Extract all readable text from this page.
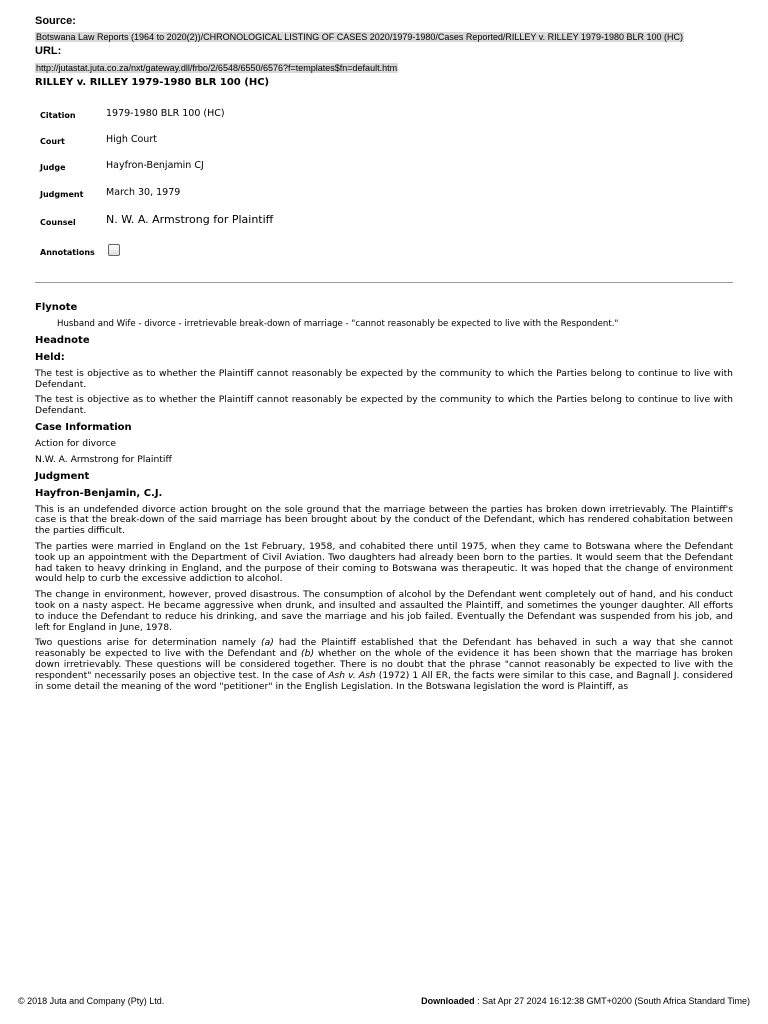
Source:
Botswana Law Reports (1964 to 2020(2))/CHRONOLOGICAL LISTING OF CASES 2020/1979-1980/Cases Reported/RILLEY v. RILLEY 1979-1980 BLR 100 (HC)
URL:
http://jutastat.juta.co.za/nxt/gateway.dll/frbo/2/6548/6550/6576?f=templates$fn=default.htm
RILLEY v. RILLEY 1979-1980 BLR 100 (HC)
Citation	1979-1980 BLR 100 (HC)
Court	High Court
Judge	Hayfron-Benjamin CJ
Judgment March 30, 1979
Counsel	N. W. A. Armstrong for Plaintiff
Annotations
Flynote

Husband and Wife - divorce - irretrievable break-down of marriage - "cannot reasonably be expected to live with the Respondent."

Headnote
Held:

The test is objective as to whether the Plaintiff cannot reasonably be expected by the community to which the Parties belong to continue to live with Defendant.

The test is objective as to whether the Plaintiff cannot reasonably be expected by the community to which the Parties belong to continue to live with Defendant.

Case Information

Action for divorce

N.W. A. Armstrong for Plaintiff

Judgment
Hayfron-Benjamin, C.J.

This is an undefended divorce action brought on the sole ground that the marriage between the parties has broken down irretrievably. The Plaintiff's case is that the break-down of the said marriage has been brought about by the conduct of the Defendant, which has rendered cohabitation between the parties difficult.

The parties were married in England on the 1st February, 1958, and cohabited there until 1975, when they came to Botswana where the Defendant took up an appointment with the Department of Civil Aviation. Two daughters had already been born to the parties. It would seem that the Defendant had taken to heavy drinking in England, and the purpose of their coming to Botswana was therapeutic. It was hoped that the change of environment would help to curb the excessive addiction to alcohol.

The change in environment, however, proved disastrous. The consumption of alcohol by the Defendant went completely out of hand, and his conduct took on a nasty aspect. He became aggressive when drunk, and insulted and assaulted the Plaintiff, and sometimes the younger daughter. All efforts to induce the Defendant to reduce his drinking, and save the marriage and his job failed. Eventually the Defendant was suspended from his job, and left for England in June, 1978.

Two questions arise for determination namely (a) had the Plaintiff established that the Defendant has behaved in such a way that she cannot reasonably be expected to live with the Defendant and (b) whether on the whole of the evidence it has been shown that the marriage has broken down irretrievably. These questions will be considered together. There is no doubt that the phrase "cannot reasonably be expected to live with the respondent" necessarily poses an objective test. In the case of Ash v. Ash (1972) 1 All ER, the facts were similar to this case, and Bagnall J. considered in some detail the meaning of the word "petitioner" in the English Legislation. In the Botswana legislation the word is Plaintiff, as

© 2018 Juta and Company (Pty) Ltd.	Downloaded : Sat Apr 27 2024 16:12:38 GMT+0200 (South Africa Standard Time)
